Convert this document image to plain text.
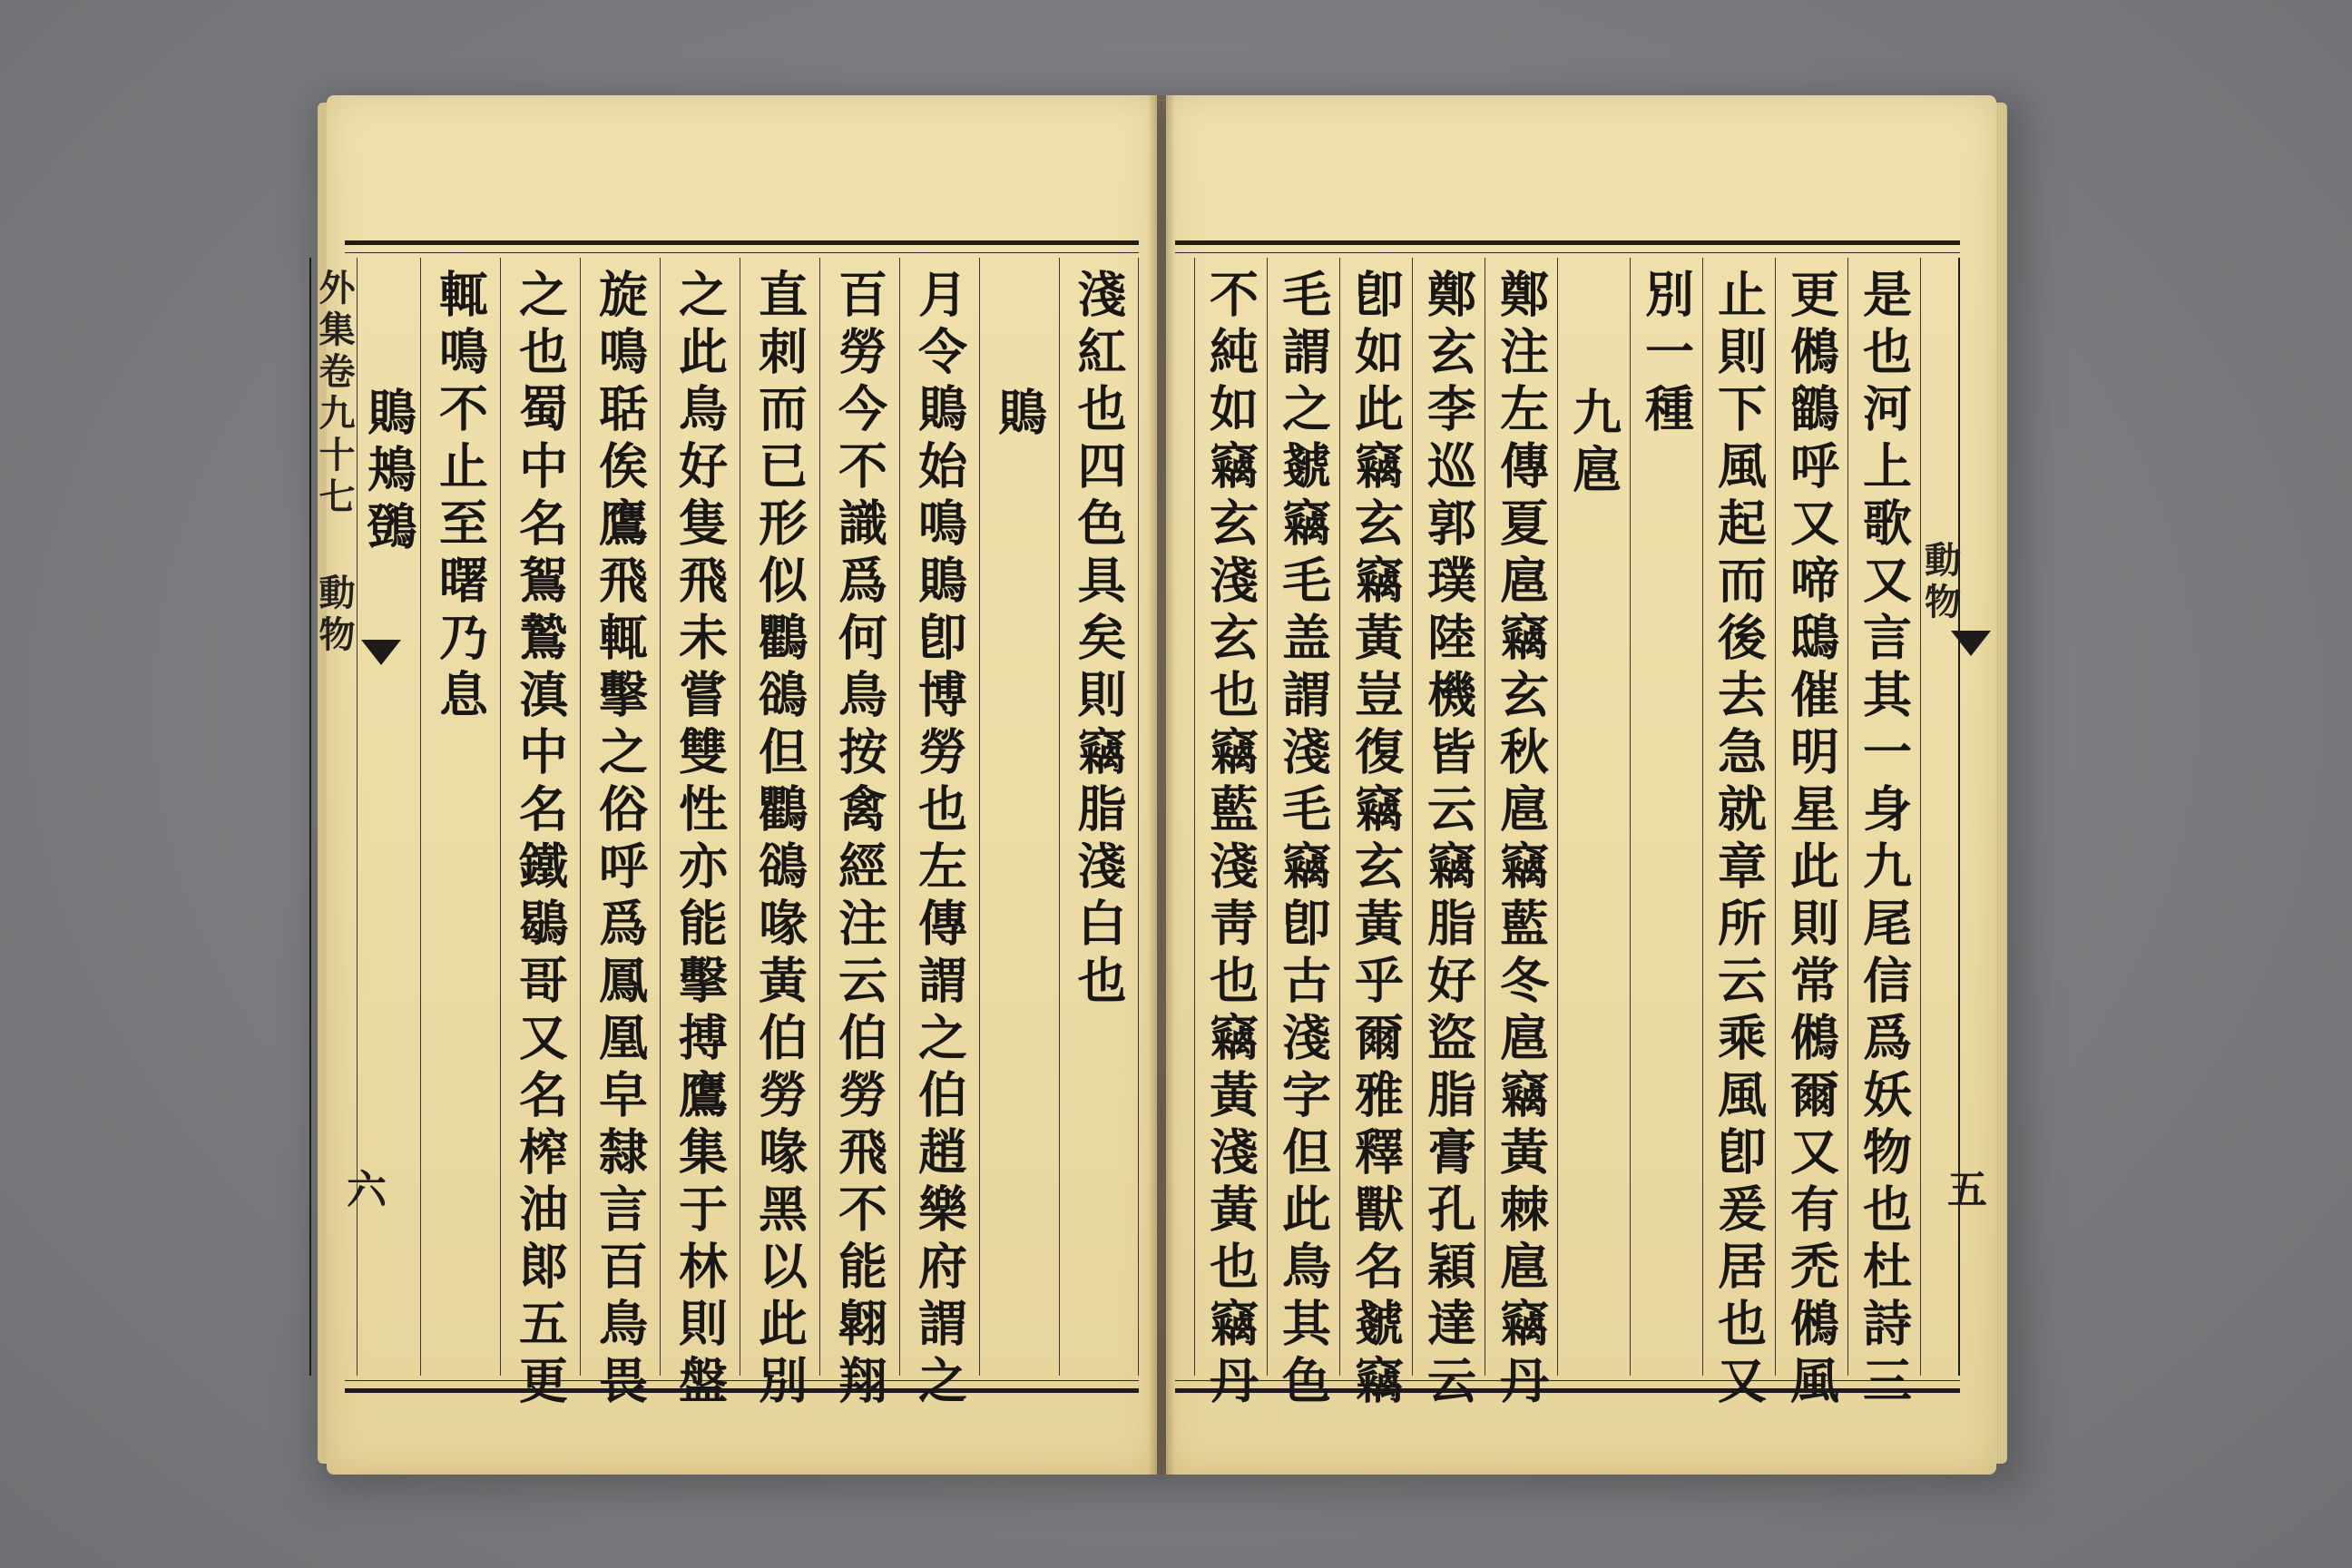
淺紅也四色具矣則竊脂淺白也
鵙
月令鵙始鳴鵙卽博勞也左傳謂之伯趙樂府謂之
百勞今不識爲何鳥按禽經注云伯勞飛不能翺翔
直刺而已形似鸜鵒但鸜鵒喙黃伯勞喙黑以此別
之此鳥好隻飛未嘗雙性亦能擊搏鷹集于林則盤
旋鳴聒俟鷹飛輒擊之俗呼爲鳳凰皁隸言百鳥畏
之也蜀中名鴽鷙滇中名鐵鶡哥又名榨油郞五更
輒鳴不止至曙乃息
鵙鴂䳾
外集卷九十七
動物	動物
是也河上歌又言其一身九尾信爲妖物也杜詩三
更鵂鶹呼又啼鴟催明星此則常鵂爾又有禿鵂風
止則下風起而後去急就章所云乘風卽爰居也又
別一種
九扈
鄭注左傳夏扈竊玄秋扈竊藍冬扈竊黃棘扈竊丹
鄭玄李巡郭璞陸機皆云竊脂好盜脂膏孔穎達云
卽如此竊玄竊黃豈復竊玄黃乎爾雅釋獸名虦竊
毛謂之虦竊毛盖謂淺毛竊卽古淺字但此鳥其色
不純如竊玄淺玄也竊藍淺靑也竊黃淺黃也竊丹
六	五
